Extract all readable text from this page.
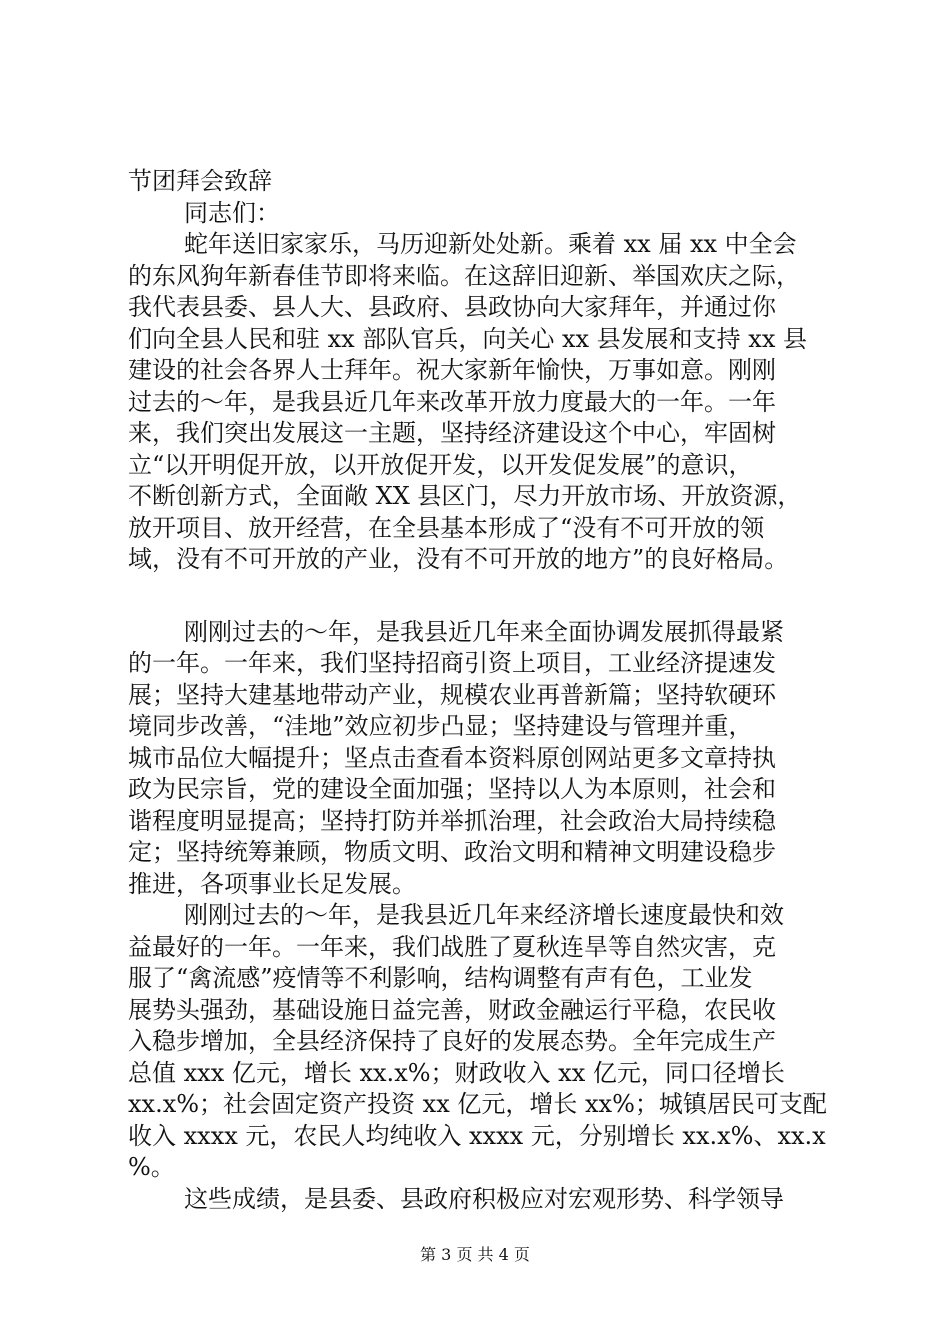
节团拜会致辞
同志们：
蛇年送旧家家乐，马历迎新处处新。乘着 xx 届 xx 中全会
的东风狗年新春佳节即将来临。在这辞旧迎新、举国欢庆之际，
我代表县委、县人大、县政府、县政协向大家拜年，并通过你
们向全县人民和驻 xx 部队官兵，向关心 xx 县发展和支持 xx 县
建设的社会各界人士拜年。祝大家新年愉快，万事如意。刚刚
过去的～年，是我县近几年来改革开放力度最大的一年。一年
来，我们突出发展这一主题，坚持经济建设这个中心，牢固树
立“以开明促开放，以开放促开发，以开发促发展”的意识，
不断创新方式，全面敞 XX 县区门，尽力开放市场、开放资源，
放开项目、放开经营，在全县基本形成了“没有不可开放的领
域，没有不可开放的产业，没有不可开放的地方”的良好格局。
刚刚过去的～年，是我县近几年来全面协调发展抓得最紧
的一年。一年来，我们坚持招商引资上项目，工业经济提速发
展；坚持大建基地带动产业，规模农业再普新篇；坚持软硬环
境同步改善，“洼地”效应初步凸显；坚持建设与管理并重，
城市品位大幅提升；坚点击查看本资料原创网站更多文章持执
政为民宗旨，党的建设全面加强；坚持以人为本原则，社会和
谐程度明显提高；坚持打防并举抓治理，社会政治大局持续稳
定；坚持统筹兼顾，物质文明、政治文明和精神文明建设稳步
推进，各项事业长足发展。
刚刚过去的～年，是我县近几年来经济增长速度最快和效
益最好的一年。一年来，我们战胜了夏秋连旱等自然灾害，克
服了“禽流感”疫情等不利影响，结构调整有声有色，工业发
展势头强劲，基础设施日益完善，财政金融运行平稳，农民收
入稳步增加，全县经济保持了良好的发展态势。全年完成生产
总值 xxx 亿元，增长 xx.x%；财政收入 xx 亿元，同口径增长
xx.x%；社会固定资产投资 xx 亿元，增长 xx%；城镇居民可支配
收入 xxxx 元，农民人均纯收入 xxxx 元，分别增长 xx.x%、xx.x
%。
这些成绩，是县委、县政府积极应对宏观形势、科学领导
第 3 页 共 4 页
